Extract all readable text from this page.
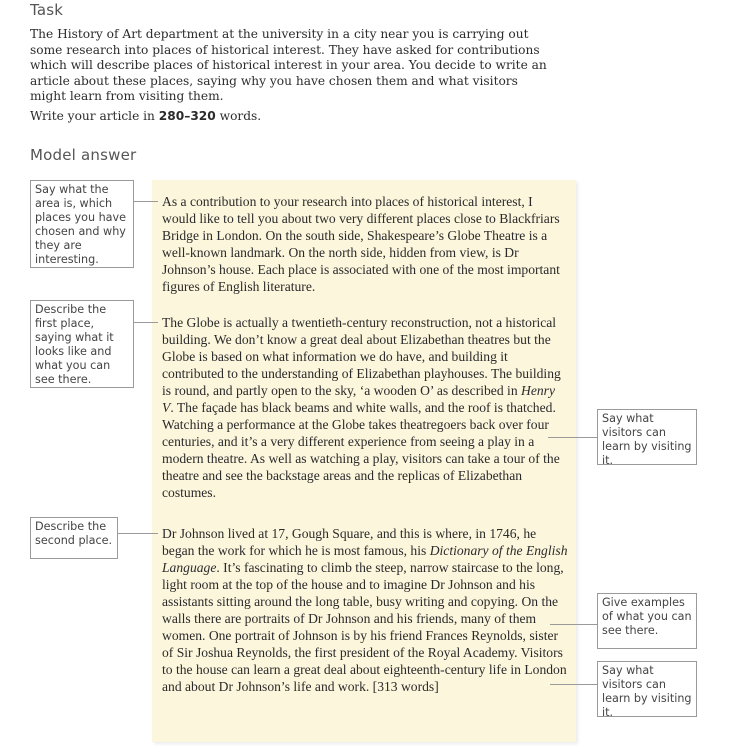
Task

The History of Art department at the university in a city near you is carrying out some research into places of historical interest. They have asked for contributions which will describe places of historical interest in your area. You decide to write an article about these places, saying why you have chosen them and what visitors might learn from visiting them.

Write your article in 280–320 words.

Model answer

As a contribution to your research into places of historical interest, I would like to tell you about two very different places close to Blackfriars Bridge in London. On the south side, Shakespeare’s Globe Theatre is a well-known landmark. On the north side, hidden from view, is Dr Johnson’s house. Each place is associated with one of the most important figures of English literature.

The Globe is actually a twentieth-century reconstruction, not a historical building. We don’t know a great deal about Elizabethan theatres but the Globe is based on what information we do have, and building it contributed to the understanding of Elizabethan playhouses. The building is round, and partly open to the sky, ‘a wooden O’ as described in Henry V. The façade has black beams and white walls, and the roof is thatched. Watching a performance at the Globe takes theatregoers back over four centuries, and it’s a very different experience from seeing a play in a modern theatre. As well as watching a play, visitors can take a tour of the theatre and see the backstage areas and the replicas of Elizabethan costumes.

Dr Johnson lived at 17, Gough Square, and this is where, in 1746, he began the work for which he is most famous, his Dictionary of the English Language. It’s fascinating to climb the steep, narrow staircase to the long, light room at the top of the house and to imagine Dr Johnson and his assistants sitting around the long table, busy writing and copying. On the walls there are portraits of Dr Johnson and his friends, many of them women. One portrait of Johnson is by his friend Frances Reynolds, sister of Sir Joshua Reynolds, the first president of the Royal Academy. Visitors to the house can learn a great deal about eighteenth-century life in London and about Dr Johnson’s life and work. [313 words]

Say what the area is, which places you have chosen and why they are interesting.
Describe the first place, saying what it looks like and what you can see there.
Describe the second place.
Say what visitors can learn by visiting it.
Give examples of what you can see there.
Say what visitors can learn by visiting it.
